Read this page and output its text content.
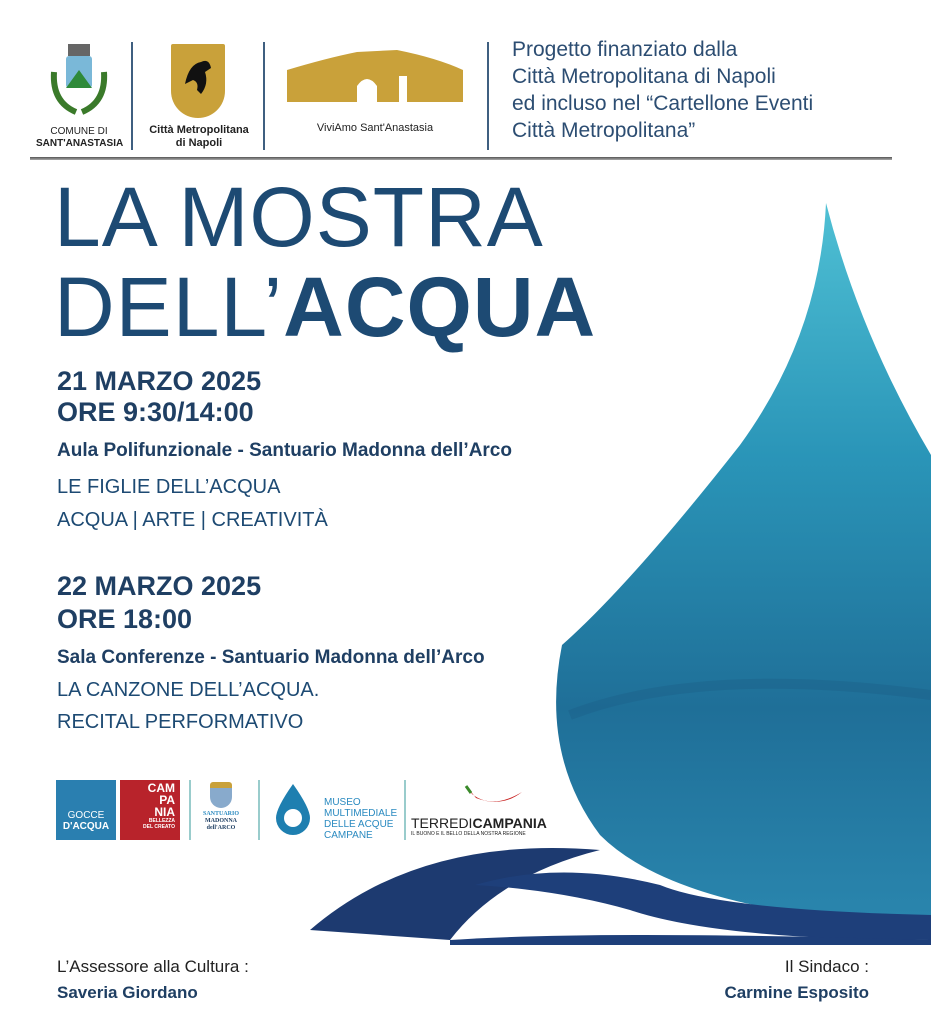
COMUNE DI
SANT'ANASTASIA
Città Metropolitana
di Napoli
ViviAmo Sant'Anastasia
Progetto finanziato dalla
Città Metropolitana di Napoli
ed incluso nel “Cartellone Eventi
Città Metropolitana”
LA MOSTRA
DELL’ACQUA
21 MARZO 2025
ORE 9:30/14:00
Aula Polifunzionale - Santuario Madonna dell’Arco
LE FIGLIE DELL’ACQUA
ACQUA | ARTE | CREATIVITÀ
22 MARZO 2025
ORE 18:00
Sala Conferenze - Santuario Madonna dell’Arco
LA CANZONE DELL’ACQUA.
RECITAL PERFORMATIVO
GOCCE
D'ACQUA
CAM
PA
NIA
BELLEZZA
DEL CREATO
SANTUARIO
MADONNA
dell'ARCO
MUSEO
MULTIMEDIALE
DELLE ACQUE
CAMPANE
TERREDICAMPANIA
IL BUONO E IL BELLO DELLA NOSTRA REGIONE
L’Assessore alla Cultura :
Saveria Giordano
Il Sindaco :
Carmine Esposito
